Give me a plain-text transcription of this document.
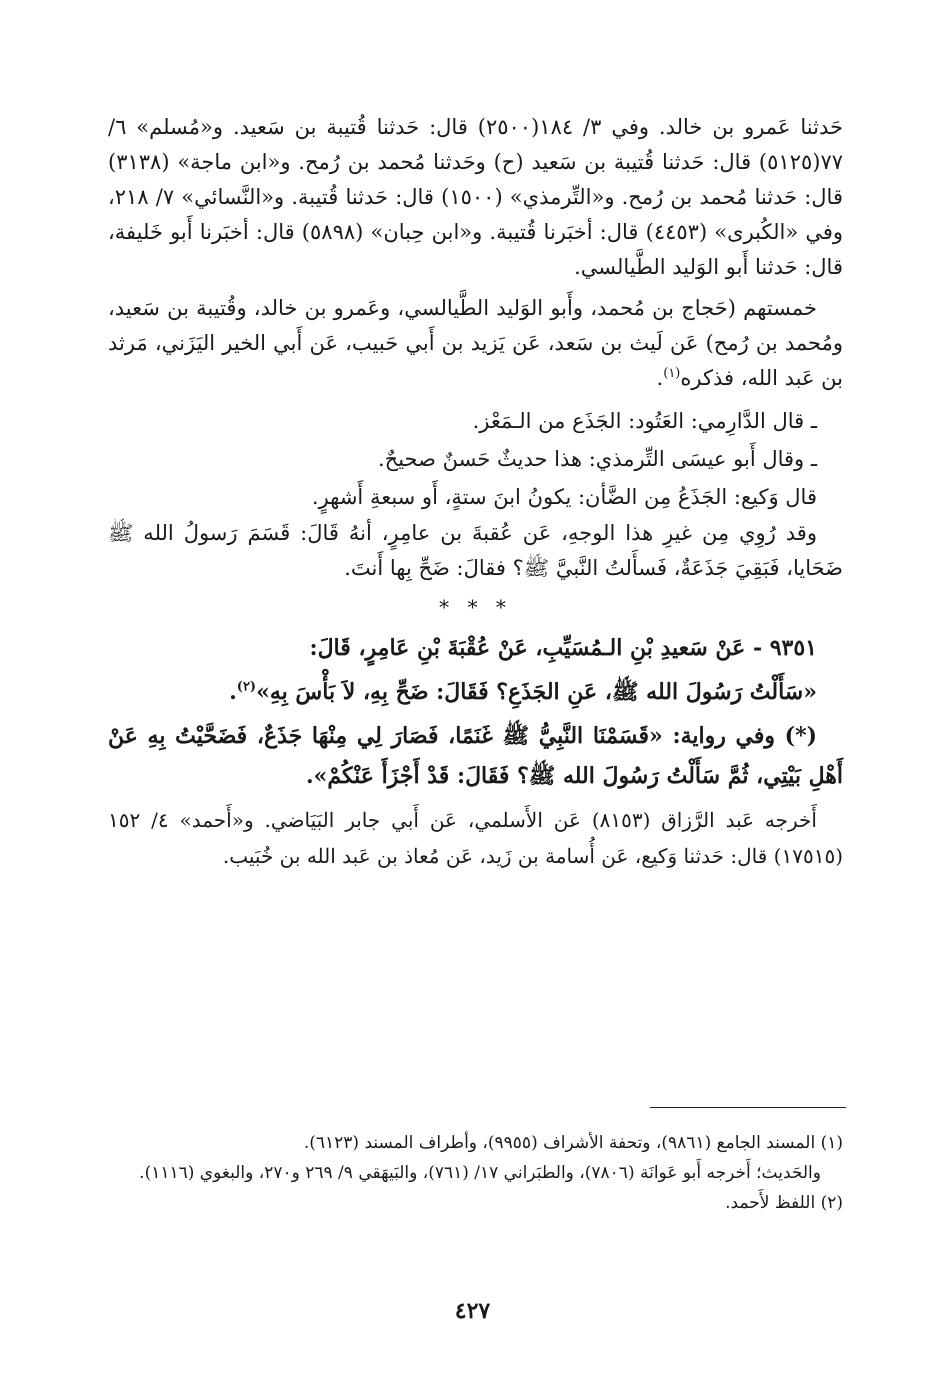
حَدثنا عَمرو بن خالد. وفي ٣/ ١٨٤(٢٥٠٠) قال: حَدثنا قُتيبة بن سَعيد. و«مُسلم» ٦/ ٧٧(٥١٢٥) قال: حَدثنا قُتيبة بن سَعيد (ح) وحَدثنا مُحمد بن رُمح. و«ابن ماجة» (٣١٣٨) قال: حَدثنا مُحمد بن رُمح. و«التِّرمذي» (١٥٠٠) قال: حَدثنا قُتيبة. و«النَّسائي» ٧/ ٢١٨، وفي «الكُبرى» (٤٤٥٣) قال: أخبَرنا قُتيبة. و«ابن حِبان» (٥٨٩٨) قال: أخبَرنا أَبو خَليفة، قال: حَدثنا أَبو الوَليد الطَّيالسي.

خمستهم (حَجاج بن مُحمد، وأَبو الوَليد الطَّيالسي، وعَمرو بن خالد، وقُتيبة بن سَعيد، ومُحمد بن رُمح) عَن لَيث بن سَعد، عَن يَزيد بن أَبي حَبيب، عَن أَبي الخير اليَزَني، مَرثد بن عَبد الله، فذكره$^{(١)}$.

ـ قال الدَّارِمي: العَتُود: الجَذَع من الـمَعْز.

ـ وقال أَبو عيسَى التِّرمذي: هذا حديثٌ حَسنٌ صحيحٌ.

قال وَكيع: الجَذَعُ مِن الضَّأن: يكونُ ابنَ ستةٍ، أَو سبعةِ أَشهرٍ.

وقد رُوِي مِن غيرِ هذا الوجهِ، عَن عُقبةَ بن عامِرٍ، أنهُ قَالَ: قَسَمَ رَسولُ الله ﷺ ضَحَايا، فَبَقِيَ جَذَعَةٌ، فَسأَلتُ النَّبيَّ ﷺ؟ فقالَ: ضَحِّ بِها أَنتَ.

* * *

٩٣٥١ - عَنْ سَعيدِ بْنِ الـمُسَيِّبِ، عَنْ عُقْبَةَ بْنِ عَامِرٍ، قَالَ:

«سَأَلْتُ رَسُولَ الله ﷺ، عَنِ الجَذَعِ؟ فَقَالَ: ضَحِّ بِهِ، لاَ بَأْسَ بِهِ»$^{(٢)}$.

(*) وفي رواية: «قَسَمْنَا النَّبِيُّ ﷺ غَنَمًا، فَصَارَ لِي مِنْهَا جَذَعٌ، فَضَحَّيْتُ بِهِ عَنْ أَهْلِ بَيْتِي، ثُمَّ سَأَلْتُ رَسُولَ الله ﷺ؟ فَقَالَ: قَدْ أَجْزَأَ عَنْكُمْ».

أَخرجه عَبد الرَّزاق (٨١٥٣) عَن الأَسلمي، عَن أَبي جابر البَيَاضي. و«أَحمد» ٤/ ١٥٢ (١٧٥١٥) قال: حَدثنا وَكيع، عَن أُسامة بن زَيد، عَن مُعاذ بن عَبد الله بن خُبَيب.

(١) المسند الجامع (٩٨٦١)، وتحفة الأشراف (٩٩٥٥)، وأطراف المسند (٦١٢٣).

والحَديث؛ أَخرجه أَبو عَوانَة (٧٨٠٦)، والطبَراني ١٧/ (٧٦١)، والبَيهَقي ٩/ ٢٦٩ و٢٧٠، والبغوي (١١١٦).

(٢) اللفظ لأَحمد.

٤٢٧
